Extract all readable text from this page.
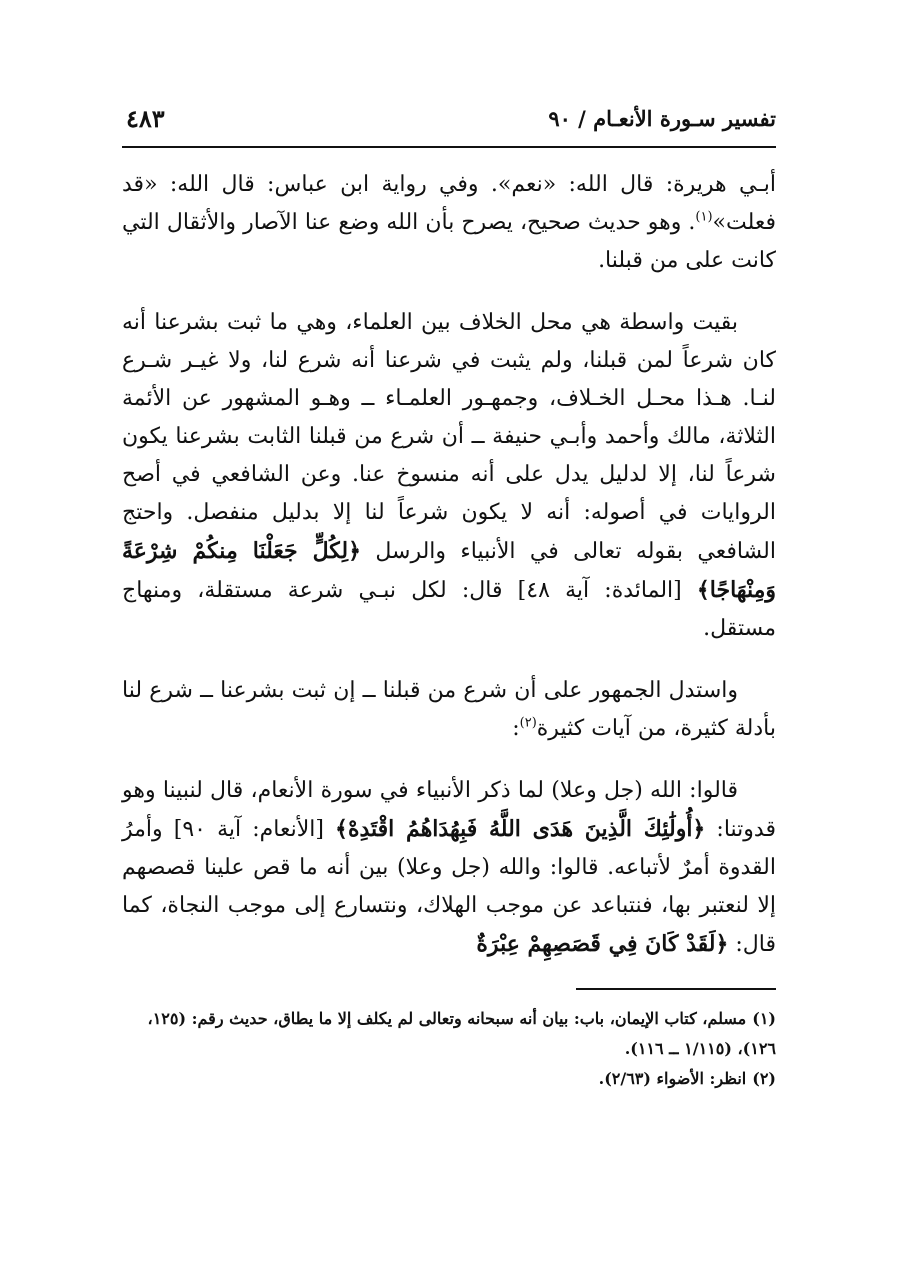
تفسير سـورة الأنعـام / ٩٠
٤٨٣

أبـي هريرة: قال الله: «نعم». وفي رواية ابن عباس: قال الله: «قد فعلت»$^{(١)}$. وهو حديث صحيح، يصرح بأن الله وضع عنا الآصار والأثقال التي كانت على من قبلنا.

بقيت واسطة هي محل الخلاف بين العلماء، وهي ما ثبت بشرعنا أنه كان شرعاً لمن قبلنا، ولم يثبت في شرعنا أنه شرع لنا، ولا غيـر شـرع لنـا. هـذا محـل الخـلاف، وجمهـور العلمـاء ــ وهـو المشهور عن الأئمة الثلاثة، مالك وأحمد وأبـي حنيفة ــ أن شرع من قبلنا الثابت بشرعنا يكون شرعاً لنا، إلا لدليل يدل على أنه منسوخ عنا. وعن الشافعي في أصح الروايات في أصوله: أنه لا يكون شرعاً لنا إلا بدليل منفصل. واحتج الشافعي بقوله تعالى في الأنبياء والرسل ﴿لِكُلٍّ جَعَلْنَا مِنكُمْ شِرْعَةً وَمِنْهَاجًا﴾ [المائدة: آية ٤٨] قال: لكل نبـي شرعة مستقلة، ومنهاج مستقل.

واستدل الجمهور على أن شرع من قبلنا ــ إن ثبت بشرعنا ــ شرع لنا بأدلة كثيرة، من آيات كثيرة$^{(٢)}$:

قالوا: الله (جل وعلا) لما ذكر الأنبياء في سورة الأنعام، قال لنبينا وهو قدوتنا: ﴿أُولَٰئِكَ الَّذِينَ هَدَى اللَّهُ فَبِهُدَاهُمُ اقْتَدِهْ﴾ [الأنعام: آية ٩٠] وأمرُ القدوة أمرٌ لأتباعه. قالوا: والله (جل وعلا) بين أنه ما قص علينا قصصهم إلا لنعتبر بها، فنتباعد عن موجب الهلاك، ونتسارع إلى موجب النجاة، كما قال: ﴿لَقَدْ كَانَ فِي قَصَصِهِمْ عِبْرَةٌ

(١)مسلم، كتاب الإيمان، باب: بيان أنه سبحانه وتعالى لم يكلف إلا ما يطاق، حديث رقم: (١٢٥، ١٢٦)، (١/١١٥ ــ ١١٦).

(٢)انظر: الأضواء (٢/٦٣).
